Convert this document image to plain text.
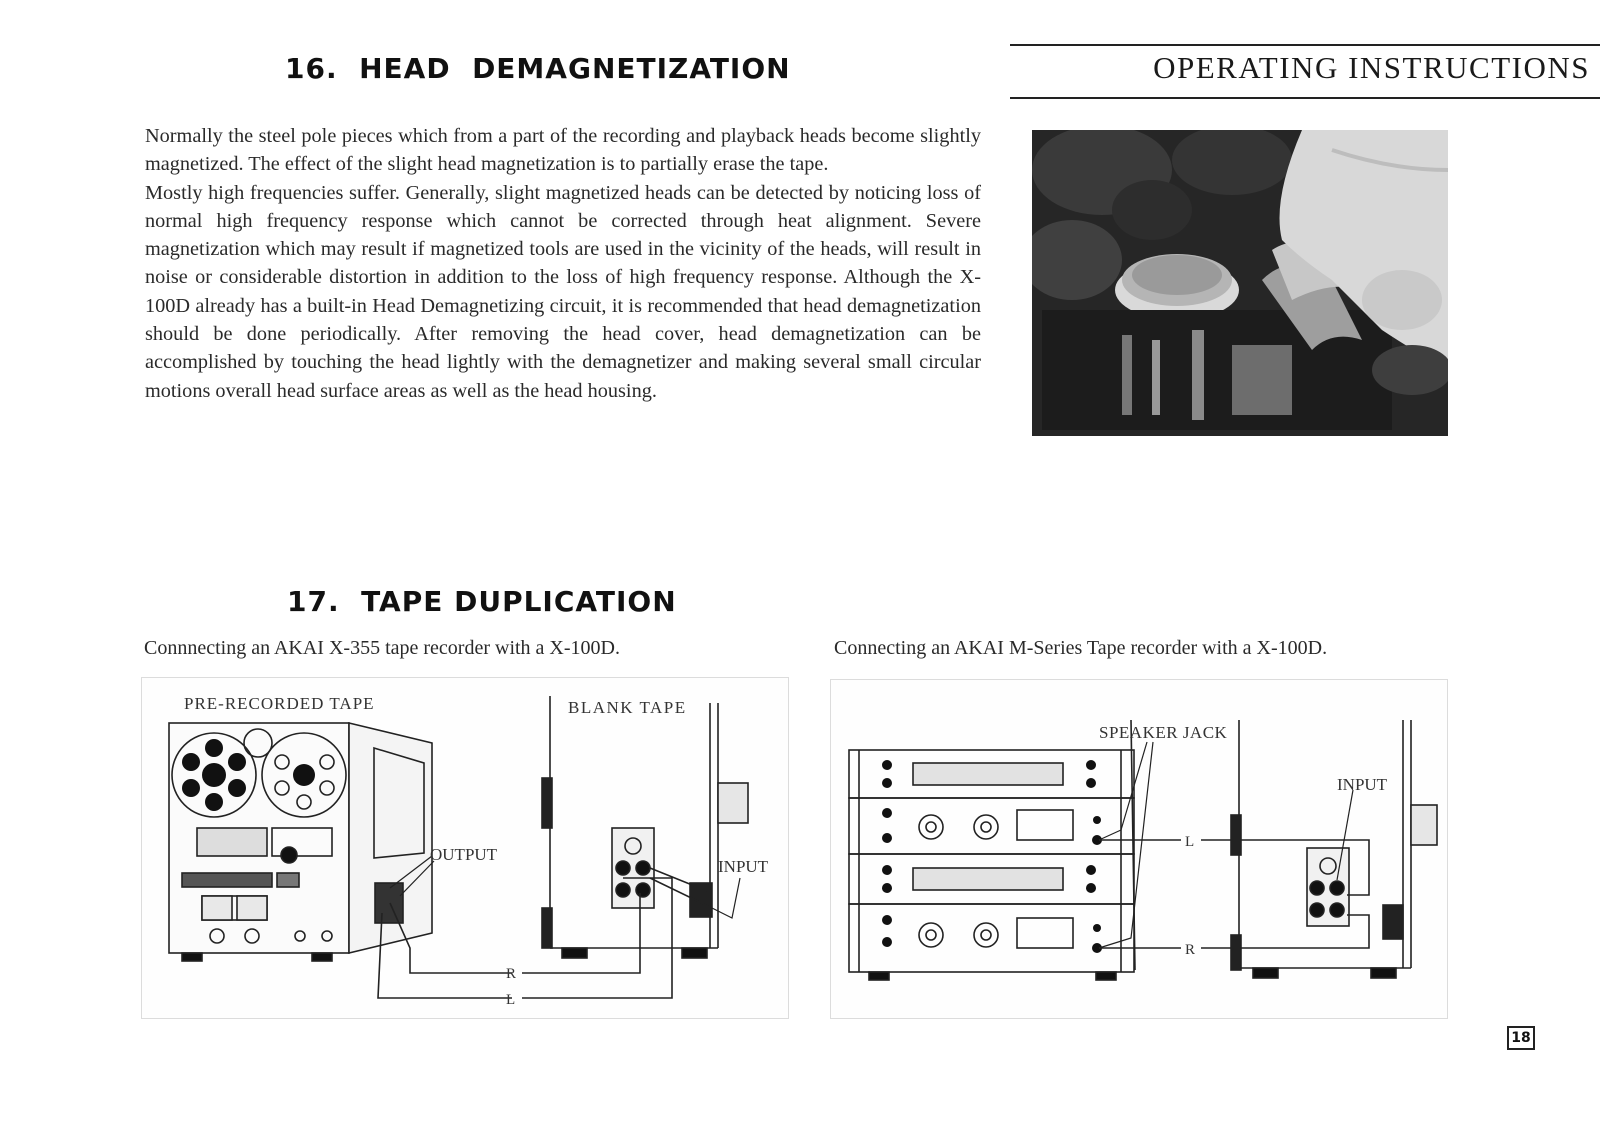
16.  HEAD  DEMAGNETIZATION	OPERATING INSTRUCTIONS

Normally the steel pole pieces which from a part of the recording and playback heads become slightly magnetized. The effect of the slight head magnetization is to partially erase the tape.

Mostly high frequencies suffer. Generally, slight magnetized heads can be detected by noticing loss of normal high frequency response which cannot be corrected through heat alignment. Severe magnetization which may result if magnetized tools are used in the vicinity of the heads, will result in noise or considerable distortion in addition to the loss of high frequency response. Although the X-100D already has a built-in Head Demagnetizing circuit, it is recommended that head demagnetization should be done periodically. After removing the head cover, head demagnetization can be accomplished by touching the head lightly with the demagnetizer and making several small circular motions overall head surface areas as well as the head housing.

17.  TAPE DUPLICATION
Connnecting an AKAI X-355 tape recorder with a X-100D.	Connecting an AKAI M-Series Tape recorder with a X-100D.
PRE-RECORDED TAPE	BLANK TAPE
OUTPUT
INPUT
R
L
SPEAKER JACK
INPUT
L
R
18
